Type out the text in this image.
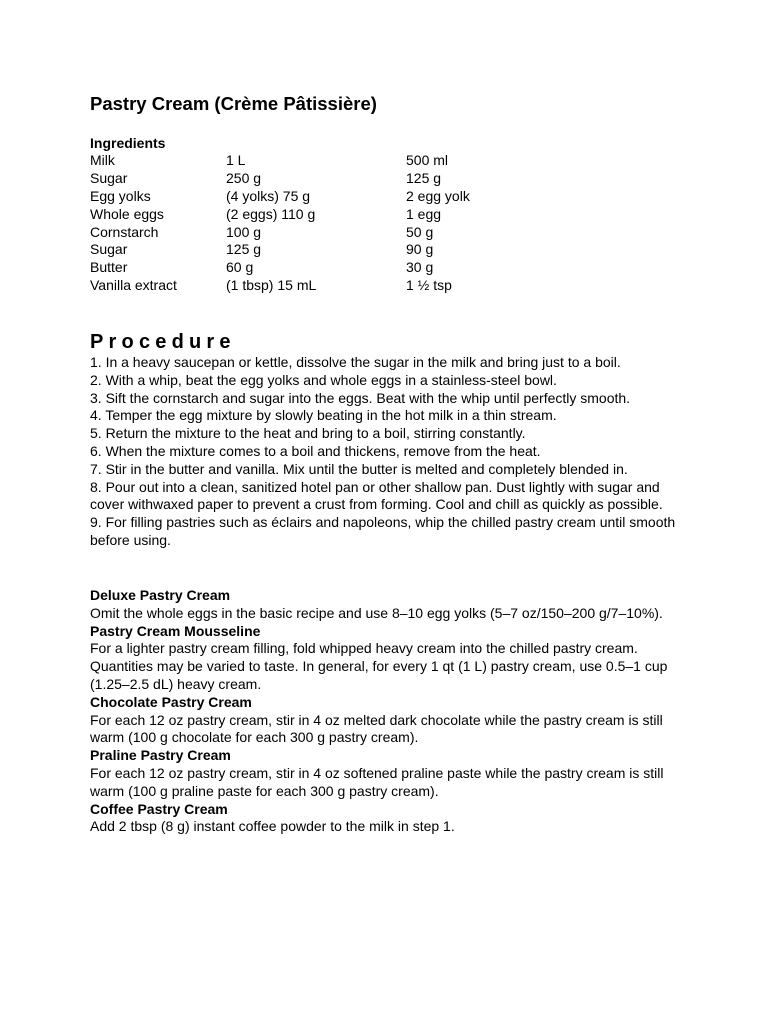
Pastry Cream (Crème Pâtissière)
Ingredients
Milk	1 L	500 ml
Sugar	250 g	125 g
Egg yolks	(4 yolks) 75 g	2 egg yolk
Whole eggs	(2 eggs) 110 g	1 egg
Cornstarch	100 g	50 g
Sugar	125 g	90 g
Butter	60 g	30 g
Vanilla extract	(1 tbsp) 15 mL	1 ½ tsp
Procedure
1. In a heavy saucepan or kettle, dissolve the sugar in the milk and bring just to a boil.
2. With a whip, beat the egg yolks and whole eggs in a stainless-steel bowl.
3. Sift the cornstarch and sugar into the eggs. Beat with the whip until perfectly smooth.
4. Temper the egg mixture by slowly beating in the hot milk in a thin stream.
5. Return the mixture to the heat and bring to a boil, stirring constantly.
6. When the mixture comes to a boil and thickens, remove from the heat.
7. Stir in the butter and vanilla. Mix until the butter is melted and completely blended in.
8. Pour out into a clean, sanitized hotel pan or other shallow pan. Dust lightly with sugar and cover withwaxed paper to prevent a crust from forming. Cool and chill as quickly as possible.
9. For filling pastries such as éclairs and napoleons, whip the chilled pastry cream until smooth before using.
Deluxe Pastry Cream
Omit the whole eggs in the basic recipe and use 8–10 egg yolks (5–7 oz/150–200 g/7–10%).
Pastry Cream Mousseline
For a lighter pastry cream filling, fold whipped heavy cream into the chilled pastry cream. Quantities may be varied to taste. In general, for every 1 qt (1 L) pastry cream, use 0.5–1 cup (1.25–2.5 dL) heavy cream.
Chocolate Pastry Cream
For each 12 oz pastry cream, stir in 4 oz melted dark chocolate while the pastry cream is still warm (100 g chocolate for each 300 g pastry cream).
Praline Pastry Cream
For each 12 oz pastry cream, stir in 4 oz softened praline paste while the pastry cream is still warm (100 g praline paste for each 300 g pastry cream).
Coffee Pastry Cream
Add 2 tbsp (8 g) instant coffee powder to the milk in step 1.
